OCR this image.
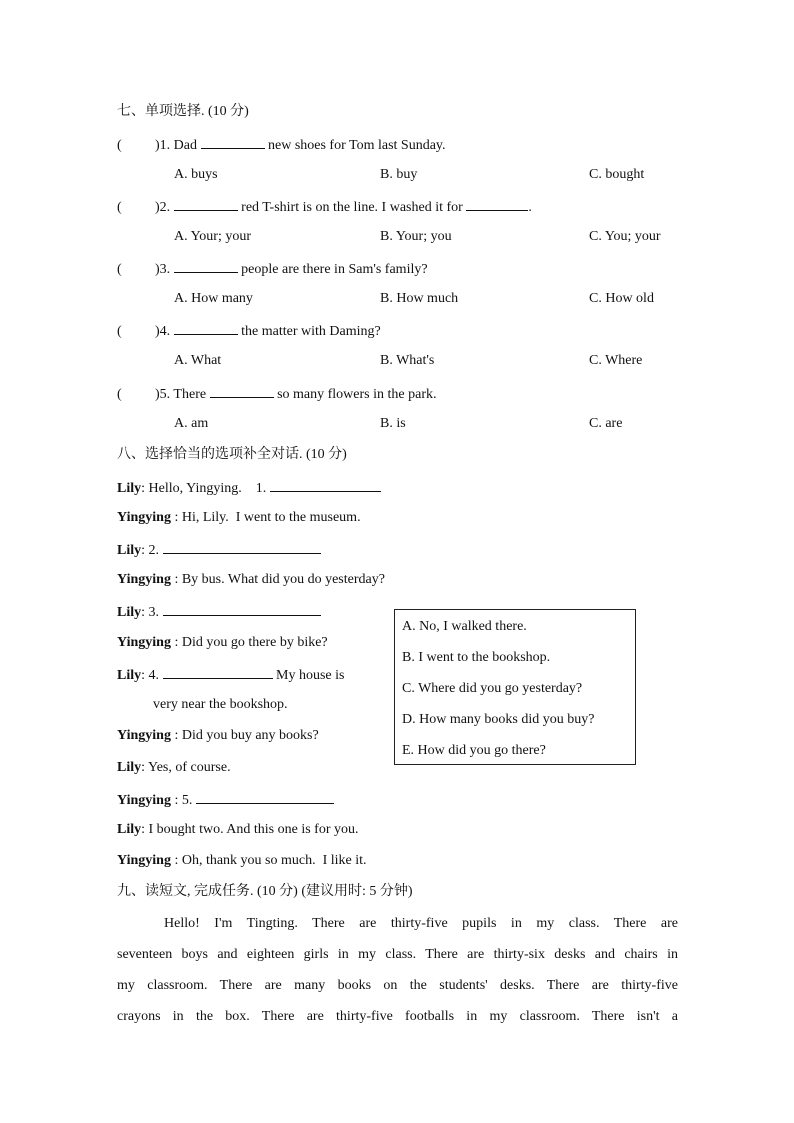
七、单项选择. (10 分)
( )1. Dad	new shoes for Tom last Sunday.
A. buys	B. buy	C. bought
( )2.	red T-shirt is on the line. I washed it for	.
A. Your; your	B. Your; you	C. You; your
( )3.	people are there in Sam's family?
A. How many	B. How much	C. How old
( )4.	the matter with Daming?
A. What	B. What's	C. Where
( )5. There	so many flowers in the park.
A. am	B. is	C. are
八、选择恰当的选项补全对话. (10 分)
Lily: Hello, Yingying.    1.
Yingying : Hi, Lily.  I went to the museum.
Lily: 2.
Yingying : By bus. What did you do yesterday?
Lily: 3.
Yingying : Did you go there by bike?
Lily: 4.	My house is
very near the bookshop.
Yingying : Did you buy any books?
Lily: Yes, of course.
Yingying : 5.
Lily: I bought two. And this one is for you.
Yingying : Oh, thank you so much.  I like it.
A. No, I walked there.
B. I went to the bookshop.
C. Where did you go yesterday?
D. How many books did you buy?
E. How did you go there?
九、读短文, 完成任务. (10 分) (建议用时: 5 分钟)
Hello! I'm Tingting. There are thirty-five pupils in my class. There are
seventeen boys and eighteen girls in my class. There are thirty-six desks and chairs in
my classroom. There are many books on the students' desks. There are thirty-five
crayons in the box. There are thirty-five footballs in my classroom. There isn't a
